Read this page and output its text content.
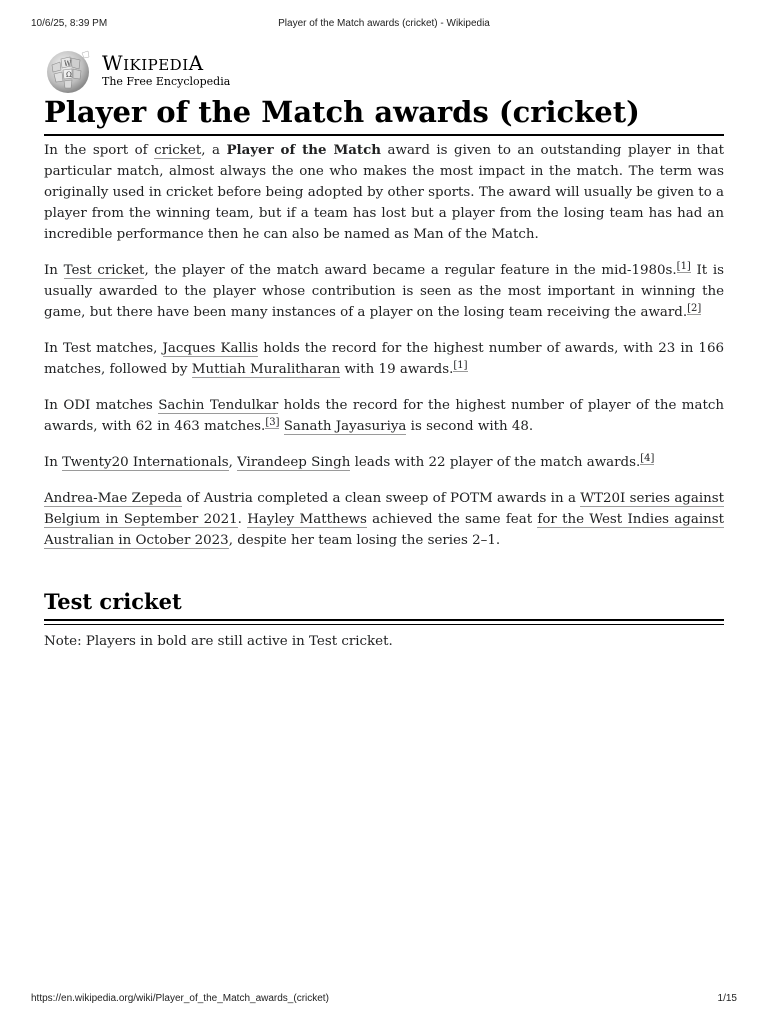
10/6/25, 8:39 PM	Player of the Match awards (cricket) - Wikipedia
W
Ω WIKIPEDIA
The Free Encyclopedia
Player of the Match awards (cricket)

In the sport of cricket, a Player of the Match award is given to an outstanding player in that particular match, almost always the one who makes the most impact in the match. The term was originally used in cricket before being adopted by other sports. The award will usually be given to a player from the winning team, but if a team has lost but a player from the losing team has had an incredible performance then he can also be named as Man of the Match.

In Test cricket, the player of the match award became a regular feature in the mid-1980s.[1] It is usually awarded to the player whose contribution is seen as the most important in winning the game, but there have been many instances of a player on the losing team receiving the award.[2]

In Test matches, Jacques Kallis holds the record for the highest number of awards, with 23 in 166 matches, followed by Muttiah Muralitharan with 19 awards.[1]

In ODI matches Sachin Tendulkar holds the record for the highest number of player of the match awards, with 62 in 463 matches.[3] Sanath Jayasuriya is second with 48.

In Twenty20 Internationals, Virandeep Singh leads with 22 player of the match awards.[4]

Andrea-Mae Zepeda of Austria completed a clean sweep of POTM awards in a WT20I series against Belgium in September 2021. Hayley Matthews achieved the same feat for the West Indies against Australian in October 2023, despite her team losing the series 2–1.

Test cricket
Note: Players in bold are still active in Test cricket.
https://en.wikipedia.org/wiki/Player_of_the_Match_awards_(cricket)	1/15
